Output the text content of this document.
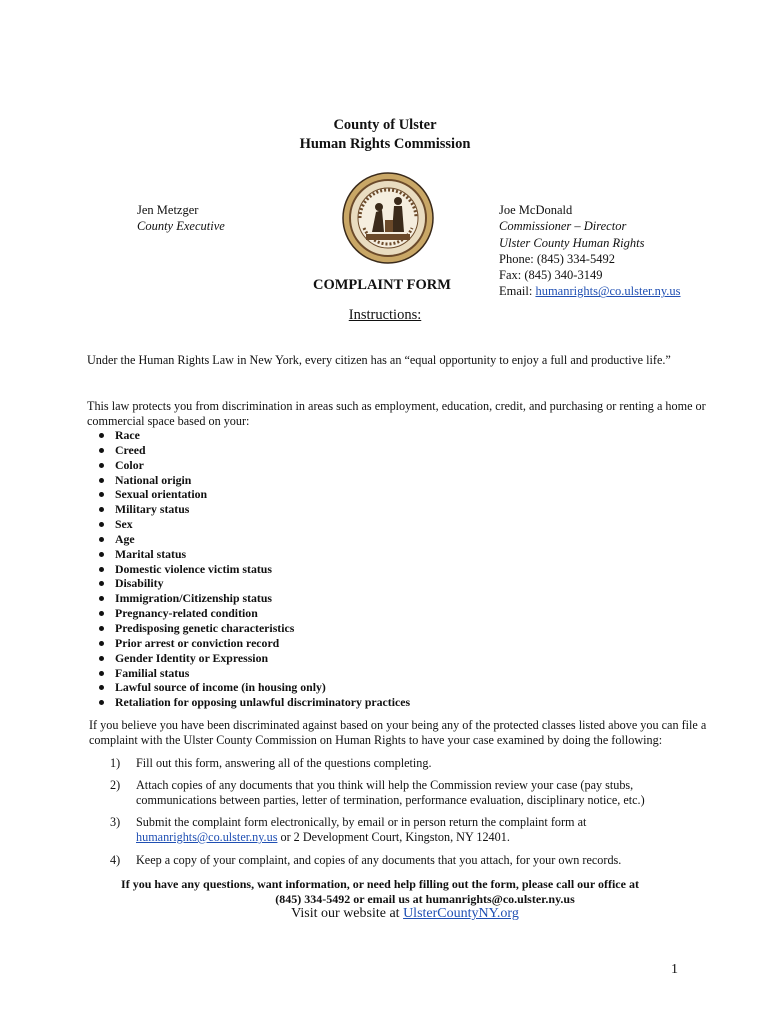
County of Ulster
Human Rights Commission
Jen Metzger
County Executive
Joe McDonald
Commissioner – Director
Ulster County Human Rights
Phone: (845) 334-5492
Fax: (845) 340-3149
Email: humanrights@co.ulster.ny.us
COMPLAINT FORM
Instructions:
Under the Human Rights Law in New York, every citizen has an “equal opportunity to enjoy a full and productive life.”
This law protects you from discrimination in areas such as employment, education, credit, and purchasing or renting a home or commercial space based on your:
Race
Creed
Color
National origin
Sexual orientation
Military status
Sex
Age
Marital status
Domestic violence victim status
Disability
Immigration/Citizenship status
Pregnancy-related condition
Predisposing genetic characteristics
Prior arrest or conviction record
Gender Identity or Expression
Familial status
Lawful source of income (in housing only)
Retaliation for opposing unlawful discriminatory practices
If you believe you have been discriminated against based on your being any of the protected classes listed above you can file a complaint with the Ulster County Commission on Human Rights to have your case examined by doing the following:
1)	Fill out this form, answering all of the questions completing.
2)	Attach copies of any documents that you think will help the Commission review your case (pay stubs, communications between parties, letter of termination, performance evaluation, disciplinary notice, etc.)
3)	Submit the complaint form electronically, by email or in person return the complaint form at humanrights@co.ulster.ny.us or 2 Development Court, Kingston, NY 12401.
4)	Keep a copy of your complaint, and copies of any documents that you attach, for your own records.
If you have any questions, want information, or need help filling out the form, please call our office at
(845) 334-5492 or email us at humanrights@co.ulster.ny.us
Visit our website at UlsterCountyNY.org
1
